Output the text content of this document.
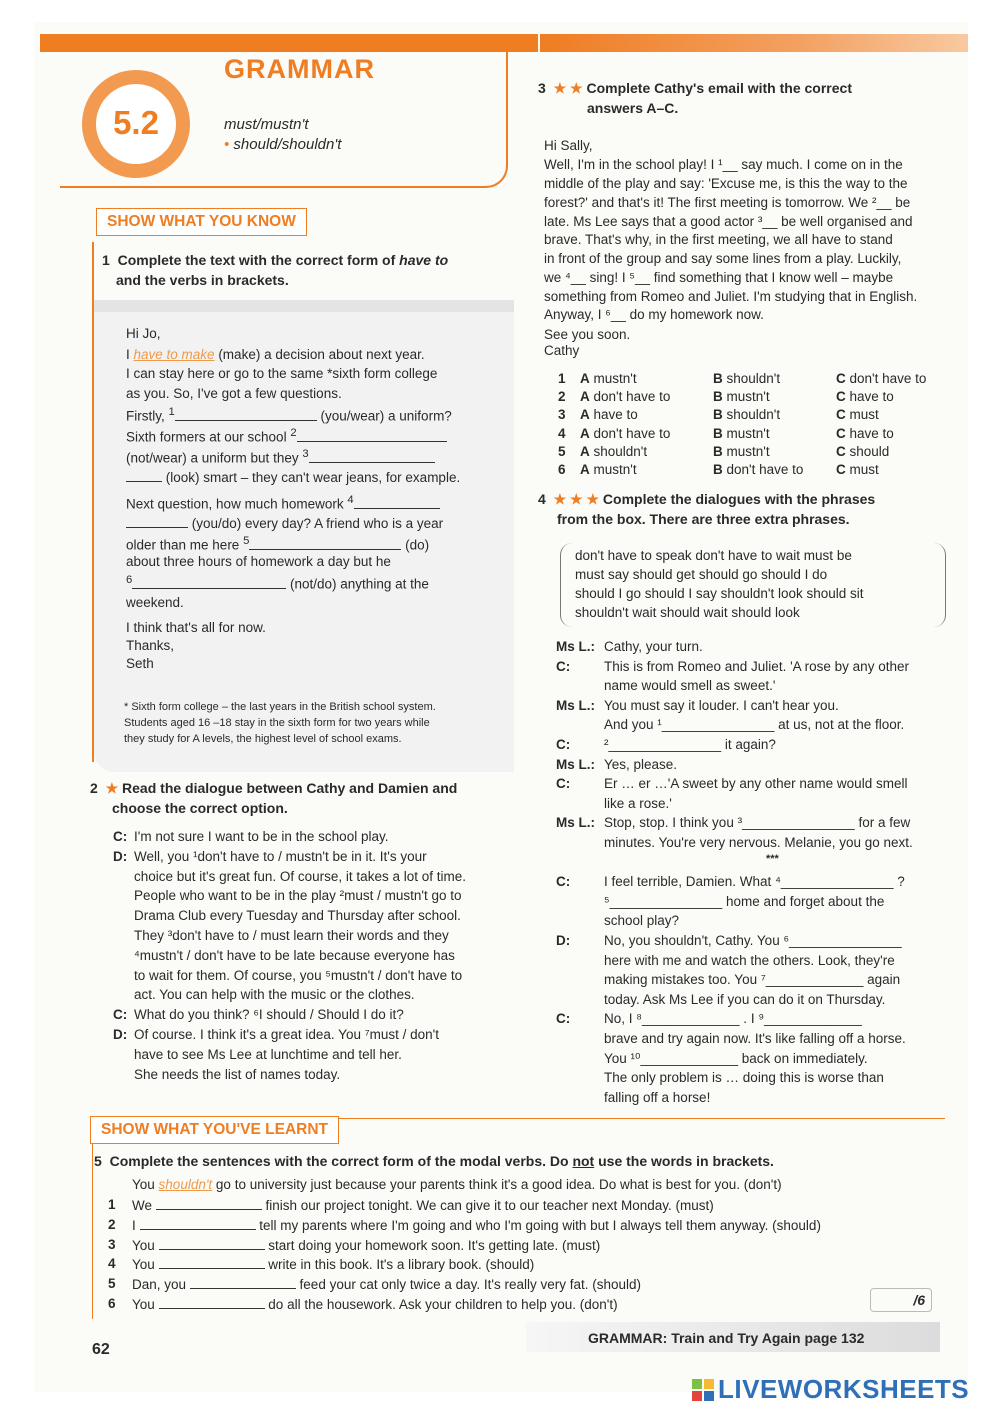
GRAMMAR
5.2	must/mustn't
• should/shouldn't
SHOW WHAT YOU KNOW
1 Complete the text with the correct form of have to
and the verbs in brackets.
Hi Jo,
I have to make (make) a decision about next year.
I can stay here or go to the same *sixth form college
as you. So, I've got a few questions.
Firstly, $^1$	(you/wear) a uniform?
Sixth formers at our school $^2$
(not/wear) a uniform but they $^3$
(look) smart – they can't wear jeans, for example.
Next question, how much homework $^4$
(you/do) every day? A friend who is a year
older than me here $^5$	(do)
about three hours of homework a day but he
$^6$	(not/do) anything at the
weekend.
I think that's all for now.
Thanks,
Seth
* Sixth form college – the last years in the British school system.
Students aged 16 –18 stay in the sixth form for two years while
they study for A levels, the highest level of school exams.
2 ★ Read the dialogue between Cathy and Damien and
choose the correct option.
C: I'm not sure I want to be in the school play.
D: Well, you ¹don't have to / mustn't be in it. It's your
choice but it's great fun. Of course, it takes a lot of time.
People who want to be in the play ²must / mustn't go to
Drama Club every Tuesday and Thursday after school.
They ³don't have to / must learn their words and they
⁴mustn't / don't have to be late because everyone has
to wait for them. Of course, you ⁵mustn't / don't have to
act. You can help with the music or the clothes.
C: What do you think? ⁶I should / Should I do it?
D: Of course. I think it's a great idea. You ⁷must / don't
have to see Ms Lee at lunchtime and tell her.
She needs the list of names today.
3 ★ ★ Complete Cathy's email with the correct
answers A–C.
Hi Sally,
Well, I'm in the school play! I ¹__ say much. I come on in the
middle of the play and say: 'Excuse me, is this the way to the
forest?' and that's it! The first meeting is tomorrow. We ²__ be
late. Ms Lee says that a good actor ³__ be well organised and
brave. That's why, in the first meeting, we all have to stand
in front of the group and say some lines from a play. Luckily,
we ⁴__ sing! I ⁵__ find something that I know well – maybe
something from Romeo and Juliet. I'm studying that in English.
Anyway, I ⁶__ do my homework now.
See you soon.
Cathy
1 A mustn't	B shouldn't	C don't have to
2 A don't have to	B mustn't	C have to
3 A have to	B shouldn't	C must
4 A don't have to	B mustn't	C have to
5 A shouldn't	B mustn't	C should
6 A mustn't	B don't have to C must
4 ★ ★ ★ Complete the dialogues with the phrases
from the box. There are three extra phrases.
don't have to speak don't have to wait must be
must say should get should go should I do
should I go should I say shouldn't look should sit
shouldn't wait should wait should look
Ms L.: Cathy, your turn.
C:	This is from Romeo and Juliet. 'A rose by any other
name would smell as sweet.'
Ms L.: You must say it louder. I can't hear you.
And you ¹_______________ at us, not at the floor.
C:	²_______________ it again?
Ms L.: Yes, please.
C:	Er … er …'A sweet by any other name would smell
like a rose.'
Ms L.: Stop, stop. I think you ³_______________ for a few
minutes. You're very nervous. Melanie, you go next.
***
C:	I feel terrible, Damien. What ⁴_______________ ?
⁵_______________ home and forget about the
school play?
D:	No, you shouldn't, Cathy. You ⁶_______________
here with me and watch the others. Look, they're
making mistakes too. You ⁷_____________ again
today. Ask Ms Lee if you can do it on Thursday.
C:	No, I ⁸_____________ . I ⁹_____________
brave and try again now. It's like falling off a horse.
You ¹⁰_____________ back on immediately.
The only problem is … doing this is worse than
falling off a horse!
SHOW WHAT YOU'VE LEARNT
5 Complete the sentences with the correct form of the modal verbs. Do not use the words in brackets.
You shouldn't go to university just because your parents think it's a good idea. Do what is best for you. (don't)
1 We	finish our project tonight. We can give it to our teacher next Monday. (must)
2 I	tell my parents where I'm going and who I'm going with but I always tell them anyway. (should)
3 You	start doing your homework soon. It's getting late. (must)
4 You	write in this book. It's a library book. (should)
5 Dan, you	feed your cat only twice a day. It's really very fat. (should)
6 You	do all the housework. Ask your children to help you. (don't)	/6
GRAMMAR: Train and Try Again page 132
62
LIVEWORKSHEETS
